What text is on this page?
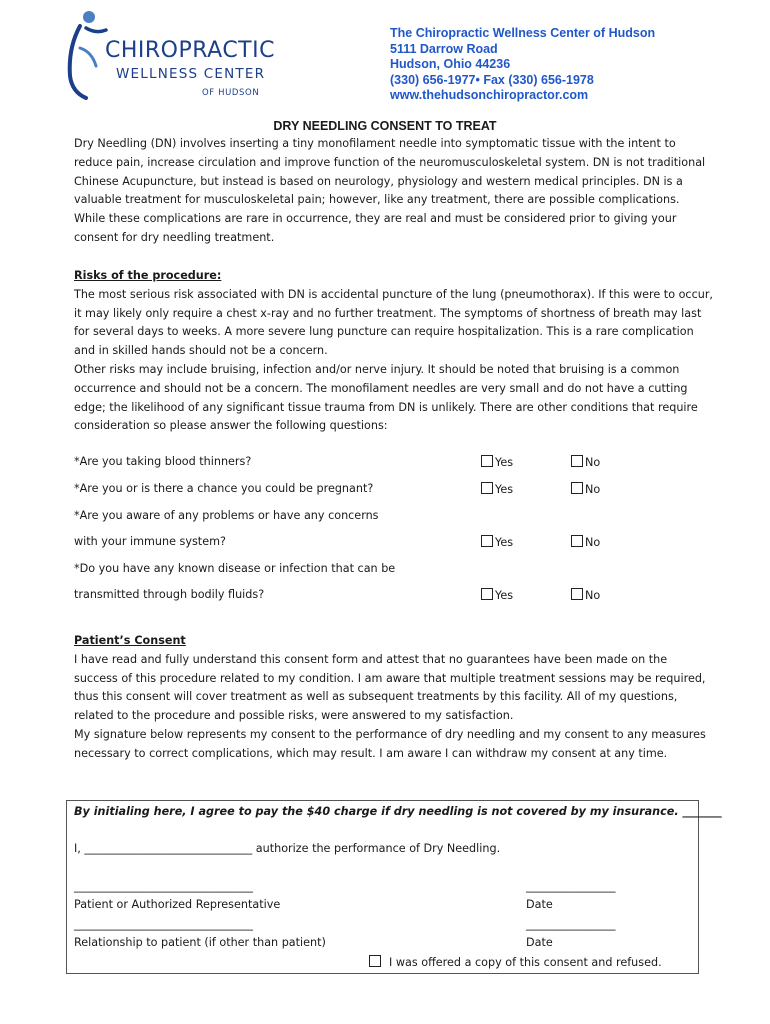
CHIROPRACTIC
WELLNESS CENTER
OF HUDSON
The Chiropractic Wellness Center of Hudson
5111 Darrow Road
Hudson, Ohio 44236
(330) 656-1977• Fax (330) 656-1978
www.thehudsonchiropractor.com
DRY NEEDLING CONSENT TO TREAT

Dry Needling (DN) involves inserting a tiny monofilament needle into symptomatic tissue with the intent to reduce pain, increase circulation and improve function of the neuromusculoskeletal system. DN is not traditional Chinese Acupuncture, but instead is based on neurology, physiology and western medical principles. DN is a valuable treatment for musculoskeletal pain; however, like any treatment, there are possible complications. While these complications are rare in occurrence, they are real and must be considered prior to giving your consent for dry needling treatment.

Risks of the procedure:

The most serious risk associated with DN is accidental puncture of the lung (pneumothorax). If this were to occur, it may likely only require a chest x-ray and no further treatment. The symptoms of shortness of breath may last for several days to weeks. A more severe lung puncture can require hospitalization. This is a rare complication and in skilled hands should not be a concern.

Other risks may include bruising, infection and/or nerve injury. It should be noted that bruising is a common occurrence and should not be a concern. The monofilament needles are very small and do not have a cutting edge; the likelihood of any significant tissue trauma from DN is unlikely. There are other conditions that require consideration so please answer the following questions:

*Are you taking blood thinners?	Yes	No
*Are you or is there a chance you could be pregnant?	Yes	No
*Are you aware of any problems or have any concerns
with your immune system?	Yes	No
*Do you have any known disease or infection that can be
transmitted through bodily fluids?	Yes	No

Patient’s Consent

I have read and fully understand this consent form and attest that no guarantees have been made on the success of this procedure related to my condition. I am aware that multiple treatment sessions may be required, thus this consent will cover treatment as well as subsequent treatments by this facility. All of my questions, related to the procedure and possible risks, were answered to my satisfaction.

My signature below represents my consent to the performance of dry needling and my consent to any measures necessary to correct complications, which may result. I am aware I can withdraw my consent at any time.

By initialing here, I agree to pay the $40 charge if dry needling is not covered by my insurance. _______
I, ______________________________ authorize the performance of Dry Needling.
________________________________	________________
Patient or Authorized Representative	Date
________________________________	________________
Relationship to patient (if other than patient)	Date
I was offered a copy of this consent and refused.
